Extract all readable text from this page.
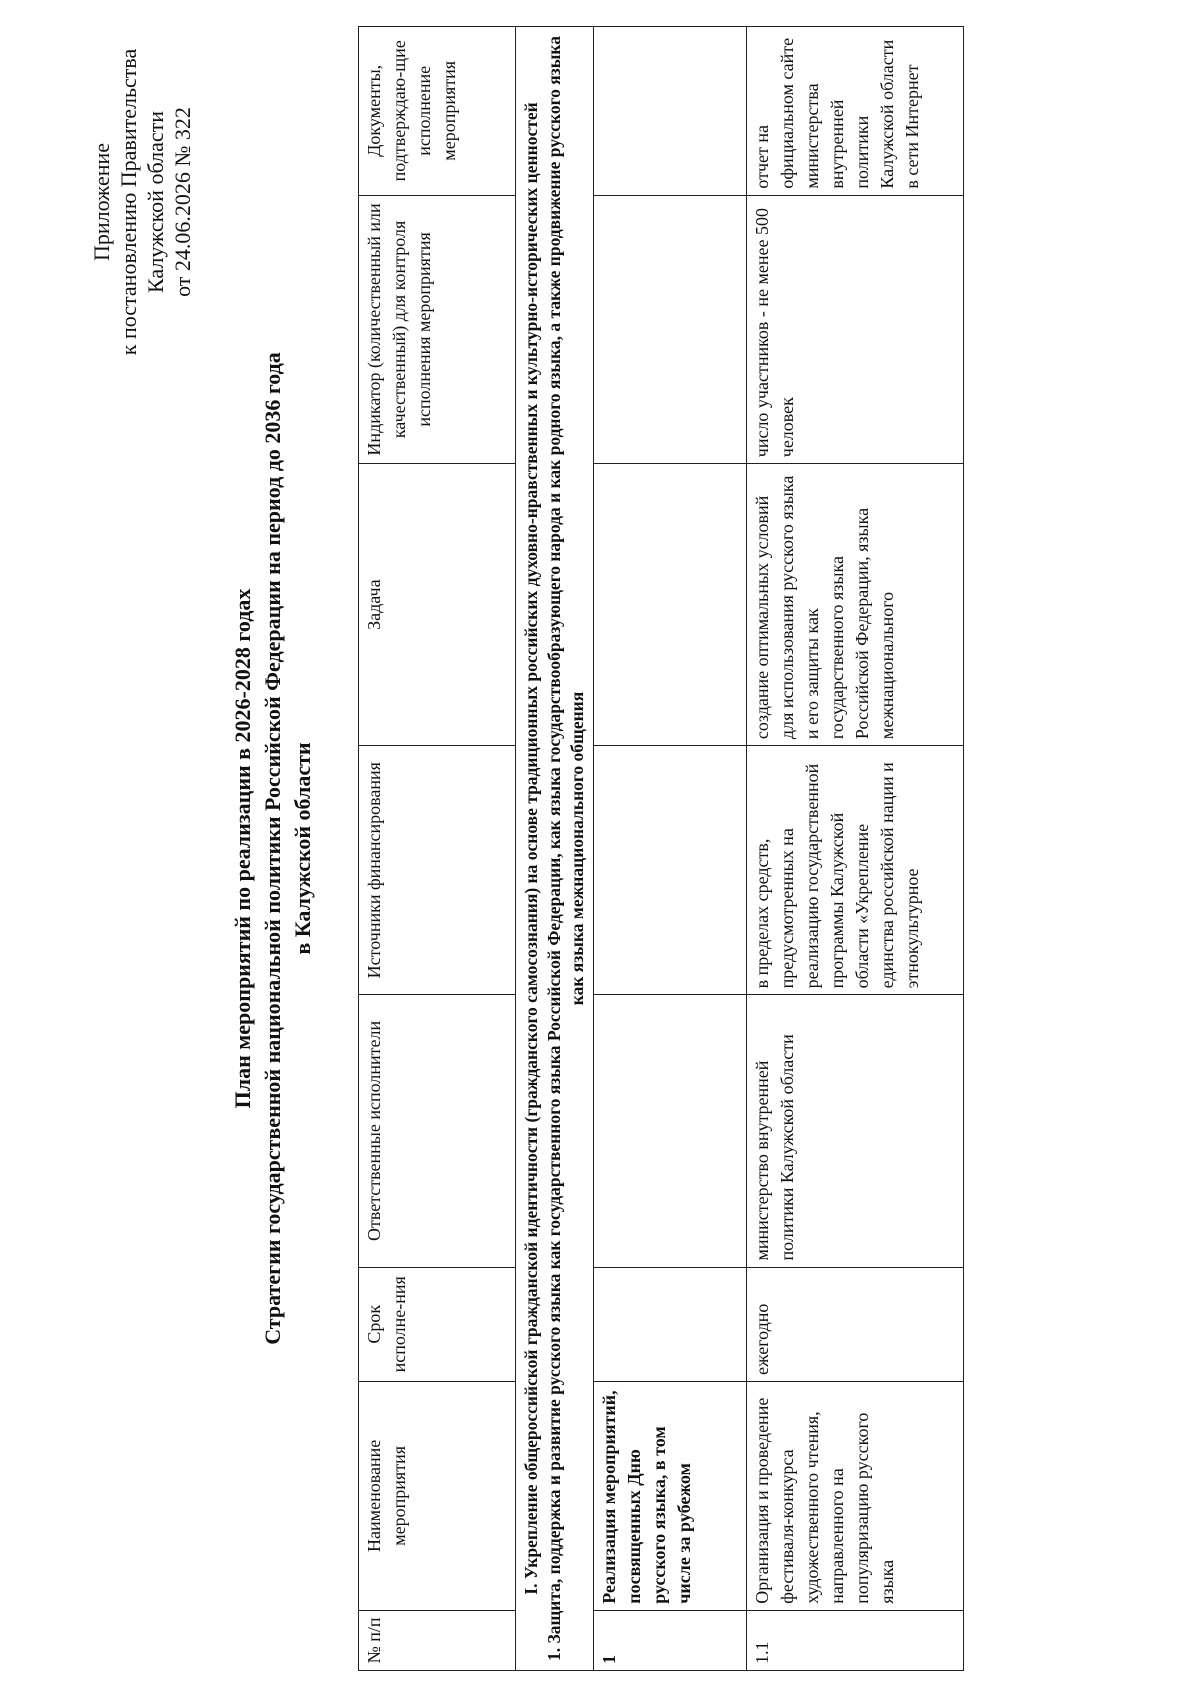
Приложение к постановлению Правительства Калужской области от 24.06.2026 № 322
План мероприятий по реализации в 2026-2028 годах Стратегии государственной национальной политики Российской Федерации на период до 2036 года в Калужской области
№ п/п	Наименование мероприятия	Срок исполне-ния	Ответственные исполнители	Источники финансирования	Задача	Индикатор (количественный или качественный) для контроля исполнения мероприятия	Документы, подтверждаю-щие исполнение мероприятия

I. Укрепление общероссийской гражданской идентичности (гражданского самосознания) на основе традиционных российских духовно-нравственных и культурно-исторических ценностей 1. Защита, поддержка и развитие русского языка как государственного языка Российской Федерации, как языка государствообразующего народа и как родного языка, а также продвижение русского языка как языка межнационального общения							

1	Реализация мероприятий, посвященных Дню русского языка, в том числе за рубежом						
1.1	Организация и проведение фестиваля-конкурса художественного чтения, направленного на популяризацию русского языка	ежегодно	министерство внутренней политики Калужской области	в пределах средств, предусмотренных на реализацию государственной программы Калужской области «Укрепление единства российской нации и этнокультурное	создание оптимальных условий для использования русского языка и его защиты как государственного языка Российской Федерации, языка межнационального	число участников - не менее 500 человек	отчет на официальном сайте министерства внутренней политики Калужской области в сети Интернет
